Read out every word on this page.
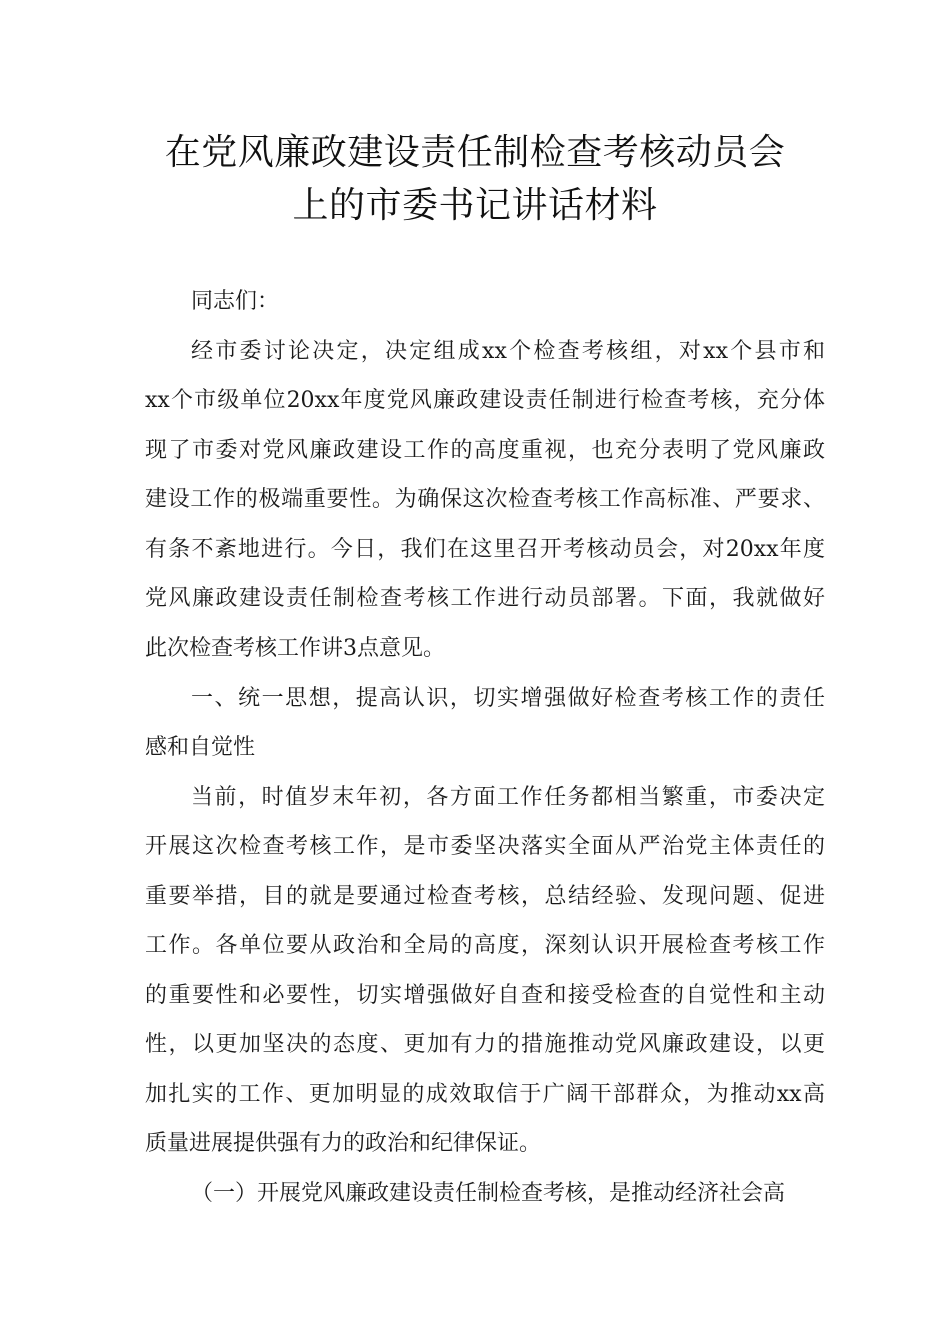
在党风廉政建设责任制检查考核动员会
上的市委书记讲话材料
同志们：
经市委讨论决定，决定组成xx个检查考核组，对xx个县市和
xx个市级单位20xx年度党风廉政建设责任制进行检查考核，充分体
现了市委对党风廉政建设工作的高度重视，也充分表明了党风廉政
建设工作的极端重要性。为确保这次检查考核工作高标准、严要求、
有条不紊地进行。今日，我们在这里召开考核动员会，对20xx年度
党风廉政建设责任制检查考核工作进行动员部署。下面，我就做好
此次检查考核工作讲3点意见。
一、统一思想，提高认识，切实增强做好检查考核工作的责任
感和自觉性
当前，时值岁末年初，各方面工作任务都相当繁重，市委决定
开展这次检查考核工作，是市委坚决落实全面从严治党主体责任的
重要举措，目的就是要通过检查考核，总结经验、发现问题、促进
工作。各单位要从政治和全局的高度，深刻认识开展检查考核工作
的重要性和必要性，切实增强做好自查和接受检查的自觉性和主动
性，以更加坚决的态度、更加有力的措施推动党风廉政建设，以更
加扎实的工作、更加明显的成效取信于广阔干部群众，为推动xx高
质量进展提供强有力的政治和纪律保证。
（一）开展党风廉政建设责任制检查考核，是推动经济社会高
